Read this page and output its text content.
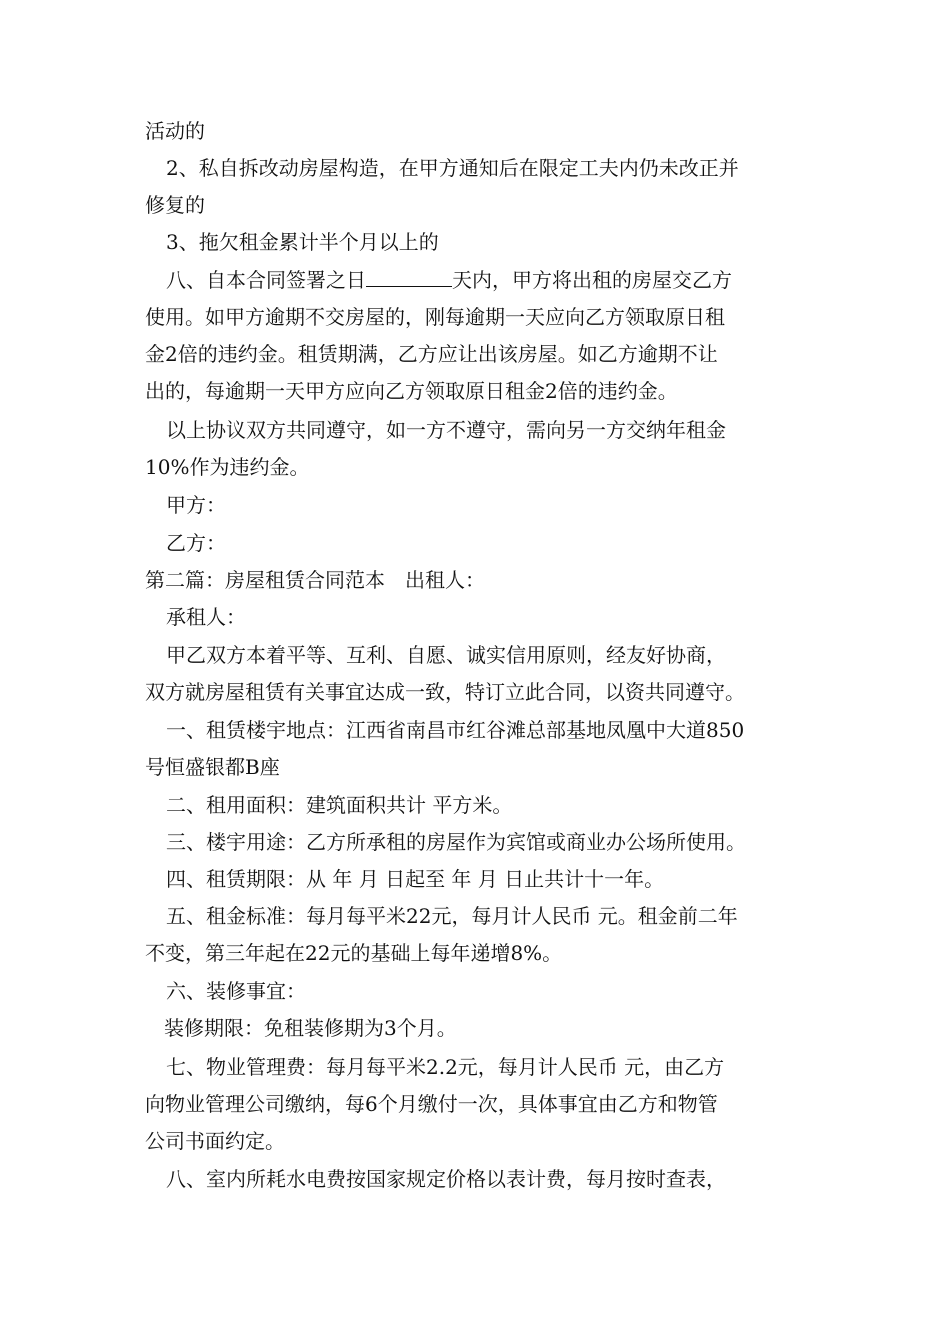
活动的
2、私自拆改动房屋构造，在甲方通知后在限定工夫内仍未改正并
修复的
3、拖欠租金累计半个月以上的
八、自本合同签署之日	天内，甲方将出租的房屋交乙方
使用。如甲方逾期不交房屋的，刚每逾期一天应向乙方领取原日租
金2倍的违约金。租赁期满，乙方应让出该房屋。如乙方逾期不让
出的，每逾期一天甲方应向乙方领取原日租金2倍的违约金。
以上协议双方共同遵守，如一方不遵守，需向另一方交纳年租金
10%作为违约金。
甲方：
乙方：
第二篇：房屋租赁合同范本　出租人：
承租人：
甲乙双方本着平等、互利、自愿、诚实信用原则，经友好协商，
双方就房屋租赁有关事宜达成一致，特订立此合同，以资共同遵守。
一、租赁楼宇地点：江西省南昌市红谷滩总部基地凤凰中大道850
号恒盛银都B座
二、租用面积：建筑面积共计 平方米。
三、楼宇用途：乙方所承租的房屋作为宾馆或商业办公场所使用。
四、租赁期限：从 年 月 日起至 年 月 日止共计十一年。
五、租金标准：每月每平米22元，每月计人民币 元。租金前二年
不变，第三年起在22元的基础上每年递增8%。
六、装修事宜：
装修期限：免租装修期为3个月。
七、物业管理费：每月每平米2.2元，每月计人民币 元，由乙方
向物业管理公司缴纳，每6个月缴付一次，具体事宜由乙方和物管
公司书面约定。
八、室内所耗水电费按国家规定价格以表计费，每月按时查表，
